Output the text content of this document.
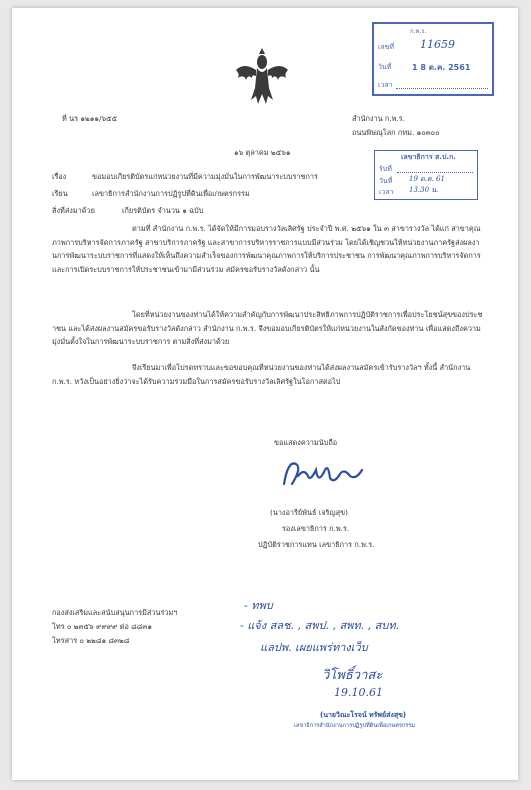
ก.พ.ร.
เลขที่ 11659
วันที่	1 8 ต.ค. 2561
เวลา
ที่ นร ๑๒๑๑/๖๕๕	สำนักงาน ก.พ.ร.
ถนนพิษณุโลก กทม. ๑๐๓๐๐
๑๖ ตุลาคม ๒๕๖๑	เลขาธิการ ส.ป.ก.
รับที่
วันที่ 19 ต.ค. 61
เวลา 13.30 น.
เรื่อง	ขอมอบเกียรติบัตรแก่หน่วยงานที่มีความมุ่งมั่นในการพัฒนาระบบราชการ
เรียน	เลขาธิการสำนักงานการปฏิรูปที่ดินเพื่อเกษตรกรรม
สิ่งที่ส่งมาด้วย	เกียรติบัตร จำนวน ๑ ฉบับ
ตามที่ สำนักงาน ก.พ.ร. ได้จัดให้มีการมอบรางวัลเลิศรัฐ ประจำปี พ.ศ. ๒๕๖๑ ใน ๓ สาขารางวัล ได้แก่ สาขาคุณภาพการบริหารจัดการภาครัฐ สาขาบริการภาครัฐ และสาขาการบริหารราชการแบบมีส่วนร่วม โดยได้เชิญชวนให้หน่วยงานภาครัฐส่งผลงานการพัฒนาระบบราชการที่แสดงให้เห็นถึงความสำเร็จของการพัฒนาคุณภาพการให้บริการประชาชน การพัฒนาคุณภาพการบริหารจัดการ และการเปิดระบบราชการให้ประชาชนเข้ามามีส่วนร่วม สมัครขอรับรางวัลดังกล่าว นั้น
โดยที่หน่วยงานของท่านได้ให้ความสำคัญกับการพัฒนาประสิทธิภาพการปฏิบัติราชการเพื่อประโยชน์สุขของประชาชน และได้ส่งผลงานสมัครขอรับรางวัลดังกล่าว สำนักงาน ก.พ.ร. จึงขอมอบเกียรติบัตรให้แก่หน่วยงานในสังกัดของท่าน เพื่อแสดงถึงความมุ่งมั่นตั้งใจในการพัฒนาระบบราชการ ตามสิ่งที่ส่งมาด้วย
จึงเรียนมาเพื่อโปรดทราบและขอขอบคุณที่หน่วยงานของท่านได้ส่งผลงานสมัครเข้ารับรางวัลฯ ทั้งนี้ สำนักงาน ก.พ.ร. หวังเป็นอย่างยิ่งว่าจะได้รับความร่วมมือในการสมัครขอรับรางวัลเลิศรัฐในโอกาสต่อไป
ขอแสดงความนับถือ
(นางอารีย์พันธ์ เจริญสุข)
รองเลขาธิการ ก.พ.ร.
ปฏิบัติราชการแทน เลขาธิการ ก.พ.ร.
กองส่งเสริมและสนับสนุนการมีส่วนร่วมฯ
โทร ๐ ๒๓๕๖ ๙๙๙๙ ต่อ ๘๘๓๑
โทรสาร ๐ ๒๒๘๑ ๘๓๒๘
- ทพบ
- แจ้ง สลช. , สพป. , สพท. , สบท.
แลปพ. เผยแพร่ทางเว็บ
วิโพธิ์วาสะ
19.10.61
(นายวิณะโรจน์ ทรัพย์ส่งสุข)
เลขาธิการสำนักงานการปฏิรูปที่ดินเพื่อเกษตรกรรม
